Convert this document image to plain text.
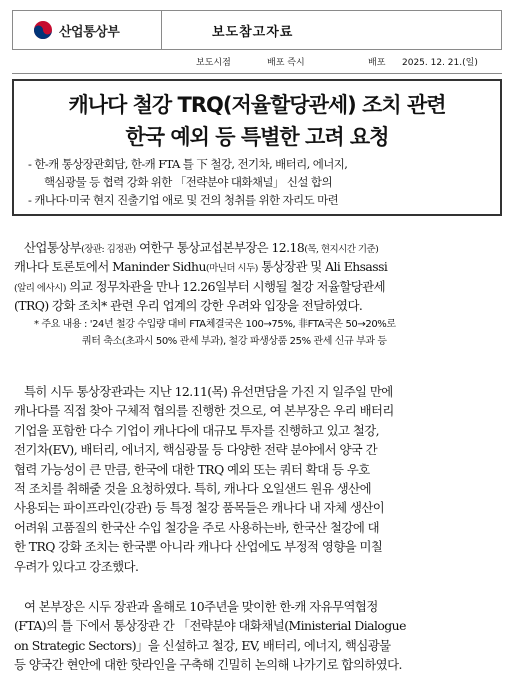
산업통상부	보도참고자료
보도시점	배포 즉시	배포 2025. 12. 21.(일)
캐나다 철강 TRQ(저율할당관세) 조치 관련
한국 예외 등 특별한 고려 요청
- 한-캐 통상장관회담, 한-캐 FTA 틀 下 철강, 전기차, 배터리, 에너지,
핵심광물 등 협력 강화 위한 「전략분야 대화채널」 신설 합의
- 캐나다·미국 현지 진출기업 애로 및 건의 청취를 위한 자리도 마련
산업통상부(장관: 김정관) 여한구 통상교섭본부장은 12.18(목, 현지시간 기준)
캐나다 토론토에서 Maninder Sidhu(마닌더 시두) 통상장관 및 Ali Ehsassi
(알리 에사시) 의교 정무차관을 만나 12.26일부터 시행될 철강 저율할당관세
(TRQ) 강화 조치* 관련 우리 업계의 강한 우려와 입장을 전달하였다.
* 주요 내용 : '24년 철강 수입량 대비 FTA체결국은 100→75%, 非FTA국은 50→20%로
쿼터 축소(초과시 50% 관세 부과), 철강 파생상품 25% 관세 신규 부과 등
특히 시두 통상장관과는 지난 12.11(목) 유선면담을 가진 지 일주일 만에
캐나다를 직접 찾아 구체적 협의를 진행한 것으로, 여 본부장은 우리 배터리
기업을 포함한 다수 기업이 캐나다에 대규모 투자를 진행하고 있고 철강,
전기차(EV), 배터리, 에너지, 핵심광물 등 다양한 전략 분야에서 양국 간
협력 가능성이 큰 만큼, 한국에 대한 TRQ 예외 또는 쿼터 확대 등 우호
적 조치를 취해줄 것을 요청하였다. 특히, 캐나다 오일샌드 원유 생산에
사용되는 파이프라인(강관) 등 특정 철강 품목들은 캐나다 내 자체 생산이
어려워 고품질의 한국산 수입 철강을 주로 사용하는바, 한국산 철강에 대
한 TRQ 강화 조치는 한국뿐 아니라 캐나다 산업에도 부정적 영향을 미칠
우려가 있다고 강조했다.
여 본부장은 시두 장관과 올해로 10주년을 맞이한 한-캐 자유무역협정
(FTA)의 틀 下에서 통상장관 간 「전략분야 대화채널(Ministerial Dialogue
on Strategic Sectors)」을 신설하고 철강, EV, 배터리, 에너지, 핵심광물
등 양국간 현안에 대한 핫라인을 구축해 긴밀히 논의해 나가기로 합의하였다.
